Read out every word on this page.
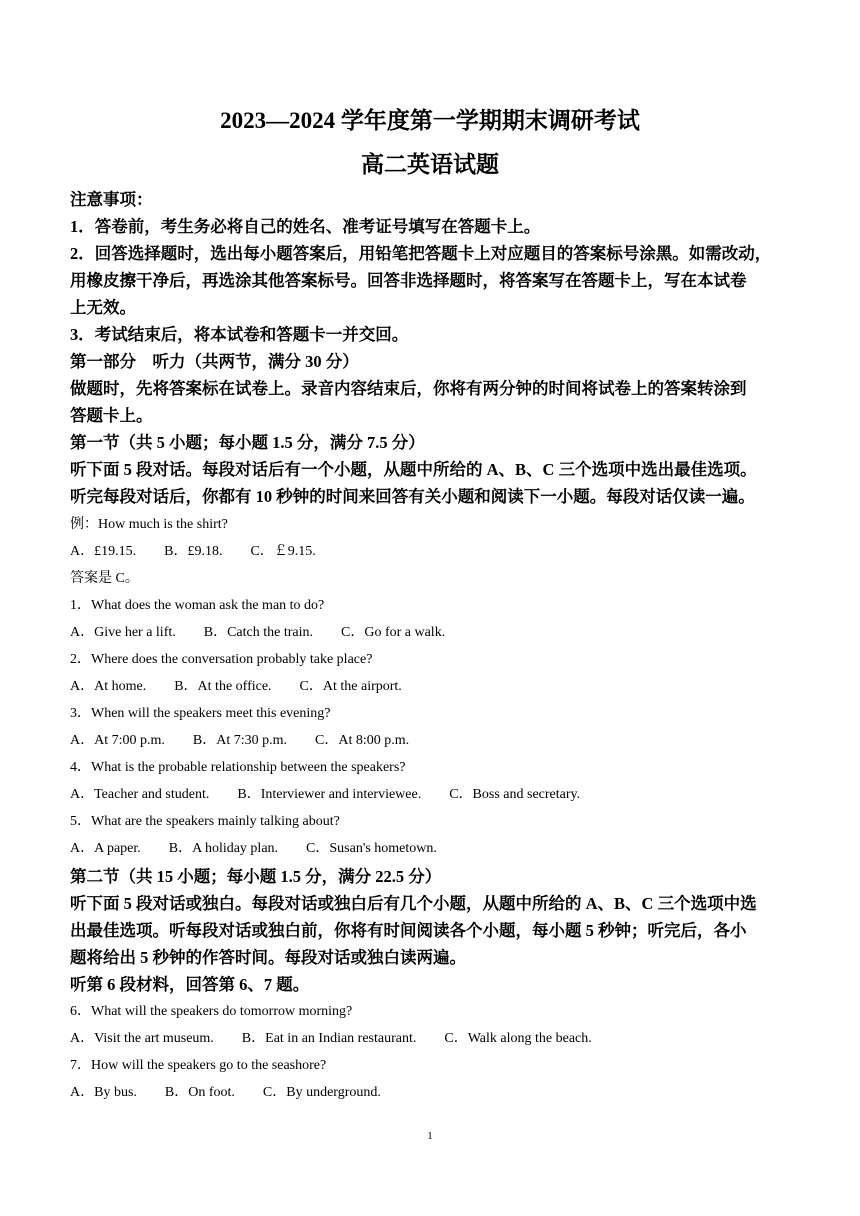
2023—2024 学年度第一学期期末调研考试
高二英语试题
注意事项：
1．答卷前，考生务必将自己的姓名、准考证号填写在答题卡上。
2．回答选择题时，选出每小题答案后，用铅笔把答题卡上对应题目的答案标号涂黑。如需改动，
用橡皮擦干净后，再选涂其他答案标号。回答非选择题时，将答案写在答题卡上，写在本试卷
上无效。
3．考试结束后，将本试卷和答题卡一并交回。
第一部分　听力（共两节，满分 30 分）
做题时，先将答案标在试卷上。录音内容结束后，你将有两分钟的时间将试卷上的答案转涂到
答题卡上。
第一节（共 5 小题；每小题 1.5 分，满分 7.5 分）
听下面 5 段对话。每段对话后有一个小题，从题中所给的 A、B、C 三个选项中选出最佳选项。
听完每段对话后，你都有 10 秒钟的时间来回答有关小题和阅读下一小题。每段对话仅读一遍。
例：How much is the shirt?
A．£19.15.　　B．£9.18.　　C．￡9.15.
答案是 C。
1．What does the woman ask the man to do?
A．Give her a lift.　　B．Catch the train.　　C．Go for a walk.
2．Where does the conversation probably take place?
A．At home.　　B．At the office.　　C．At the airport.
3．When will the speakers meet this evening?
A．At 7:00 p.m.　　B．At 7:30 p.m.　　C．At 8:00 p.m.
4．What is the probable relationship between the speakers?
A．Teacher and student.　　B．Interviewer and interviewee.　　C．Boss and secretary.
5．What are the speakers mainly talking about?
A．A paper.　　B．A holiday plan.　　C．Susan's hometown.
第二节（共 15 小题；每小题 1.5 分，满分 22.5 分）
听下面 5 段对话或独白。每段对话或独白后有几个小题，从题中所给的 A、B、C 三个选项中选
出最佳选项。听每段对话或独白前，你将有时间阅读各个小题，每小题 5 秒钟；听完后，各小
题将给出 5 秒钟的作答时间。每段对话或独白读两遍。
听第 6 段材料，回答第 6、7 题。
6．What will the speakers do tomorrow morning?
A．Visit the art museum.　　B．Eat in an Indian restaurant.　　C．Walk along the beach.
7．How will the speakers go to the seashore?
A．By bus.　　B．On foot.　　C．By underground.
1
